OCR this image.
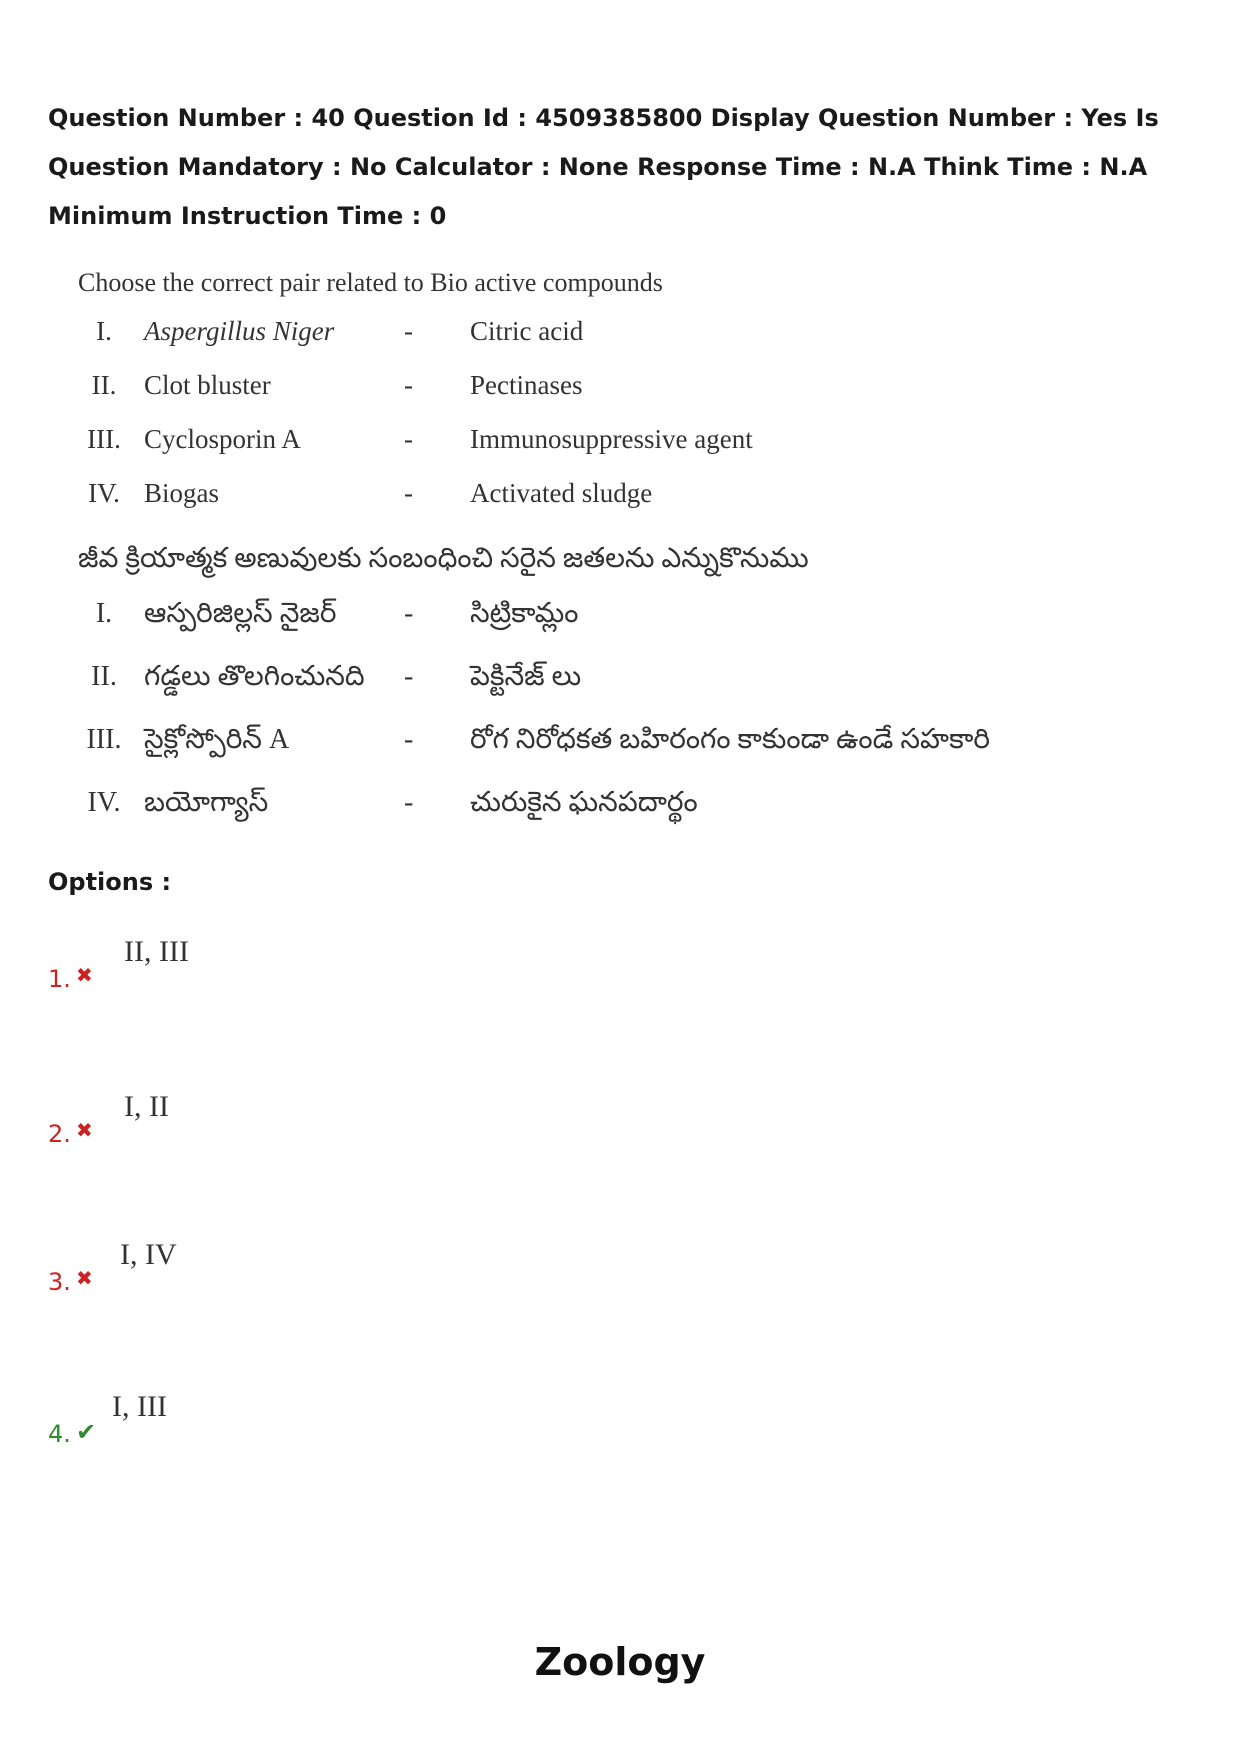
Question Number : 40 Question Id : 4509385800 Display Question Number : Yes Is Question Mandatory : No Calculator : None Response Time : N.A Think Time : N.A Minimum Instruction Time : 0
Choose the correct pair related to Bio active compounds
I.	Aspergillus Niger	- Citric acid
II. Clot bluster	- Pectinases
III. Cyclosporin A	- Immunosuppressive agent
IV. Biogas	- Activated sludge
జీవ క్రియాత్మక అణువులకు సంబంధించి సరైన జతలను ఎన్నుకొనుము
I.	ఆస్పరిజిల్లస్ నైజర్ - సిట్రికామ్లం
II. గడ్డలు తొలగించునది - పెక్టినేజ్ లు
III. సైక్లోస్పోరిన్ A	- రోగ నిరోధకత బహిరంగం కాకుండా ఉండే సహకారి
IV. బయోగ్యాస్	- చురుకైన ఘనపదార్థం
Options :
1. ✖
II, III
2. ✖
I, II
3. ✖
I, IV
4. ✔
I, III
Zoology
